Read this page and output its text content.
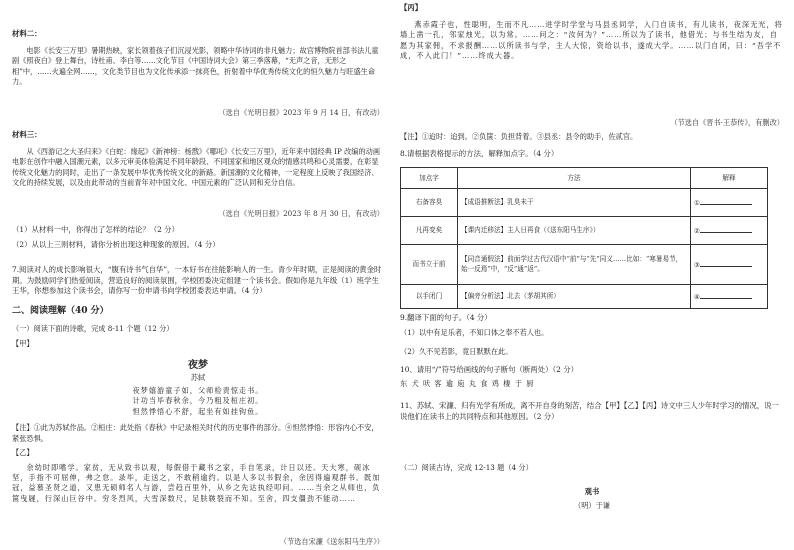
材料二：

电影《长安三万里》暑期热映，家长领着孩子们沉浸光影，领略中华诗词的非凡魅力；故宫博物院首部书法儿童剧《照夜白》登上舞台，诗杜甫、李白等……文化节目《中国诗词大会》第三季落幕，“无声之音，无形之相”中，……火遍全网……，文化类节目也为文化传承添一抹亮色，折射着中华优秀传统文化的恒久魅力与旺盛生命力。

（选自《光明日报》2023 年 9 月 14 日，有改动）

材料三：

从《西游记之大圣归来》《白蛇：缘起》《新神榜：杨戬》《哪吒》《长安三万里》，近年来中国经典 IP 改编的动画电影在创作中融入国潮元素，以多元审美体验满足不同年龄段、不同国家和地区观众的情感共鸣和心灵需要，在彰显传统文化魅力的同时，走出了一条发展中华优秀传统文化的新路。新国潮的文化精神，一定程度上反映了我国经济、文化的持续发展，以及由此带动的当前青年对中国文化、中国元素的广泛认同和充分自信。

（选自《光明日报》2023 年 8 月 30 日，有改动）

（1）从材料一中，你得出了怎样的结论？（2 分）

（2）从以上三则材料，请你分析出现这种现象的原因。（4 分）

7.阅读对人的成长影响很大，“腹有诗书气自华”，一本好书在往能影响人的一生。青少年时期，正是阅读的黄金时期。为鼓励同学们热爱阅读，营造良好的阅读氛围，学校团委决定组建一个读书会。假如你是九年级（1）班学生王华，你想参加这个读书会，请你写一份申请书向学校团委表达申请。（4 分）

二、阅读理解（40 分）

（一）阅读下面的诗歌，完成 8-11 个题（12 分）

【甲】

夜梦

苏轼

夜梦嬉游童子如，父师检责惊走书。

计功当毕春秋余，今乃粗及桓庄初。

怛然悸悟心不舒，起坐有如挂钩鱼。

【注】①此为苏轼作品。②桓庄：此处指《春秋》中记录相关时代的历史事件的部分。④怛然悸悟：形容内心不安，紧张恐惧。

【乙】

余幼时即嗜学。家贫，无从致书以观，每假借于藏书之家，手自笔录，计日以还。天大寒，砚冰坚，手指不可屈伸，弗之怠。录毕，走送之，不敢稍逾约。以是人多以书假余，余因得遍观群书。既加冠，益慕圣贤之道，又患无硕师名人与游，尝趋百里外，从乡之先达执经叩问。……当余之从师也，负箧曳屣，行深山巨谷中。穷冬烈风，大雪深数尺，足肤皲裂而不知。至舍，四支僵劲不能动……

（节选自宋濂《送东阳马生序》）

【丙】

燕赤霞子也，性聪明，生而不凡……进学时学堂与马县丞同学，入门自读书，有儿读书，夜深无光，将墙上凿一孔，邻家烛光，以为常。……问之：“汝何为？”……所以为了读书，他借光；与书生结为友，自愿为其家佣，不求报酬……以所读书与学，主人大惊，资给以书，遂成大学。……以门自闭，曰：“吾学不成，不入此门！”……终成大器。

（节选自《晋书·王恭传》，有删改）

【注】①迨时：迨到。②负箧：负担背着。③县丞：县令的助手，佐贰官。

8.请根据表格提示的方法，解释加点字。（4 分）

加点字	方法	解释
右备容臭	【成语推断法】乳臭未干	①
凡再变矣	【课内迁移法】主人日再食（《送东阳马生序》）	②
而书立于前	【同音通假法】前面学过古代汉语中“前”与“先”同义……比如：“寒暑易节，始一反焉”中，“反”通“返”。	③
以手闭门	【偏旁分析法】北去（茅胡其所）	④

9.翻译下面的句子。（4 分）

（1）以中有足乐者，不知口体之奉不若人也。

（2）久不见若影，竟日默默在此。

10、请用“/”符号给画线的句子断句（断两处）（2 分）

东 犬 吠 客 逾 庖 丸 食 鸡 棲 于 厨

11、苏轼、宋濂、归有光学有所成，离不开自身的刻苦，结合【甲】【乙】【丙】诗文中三人少年时学习的情况，说一说他们在读书上的共同特点和其他原因。（2 分）

（二）阅读古诗，完成 12-13 题（4 分）

观书

（明）于谦
